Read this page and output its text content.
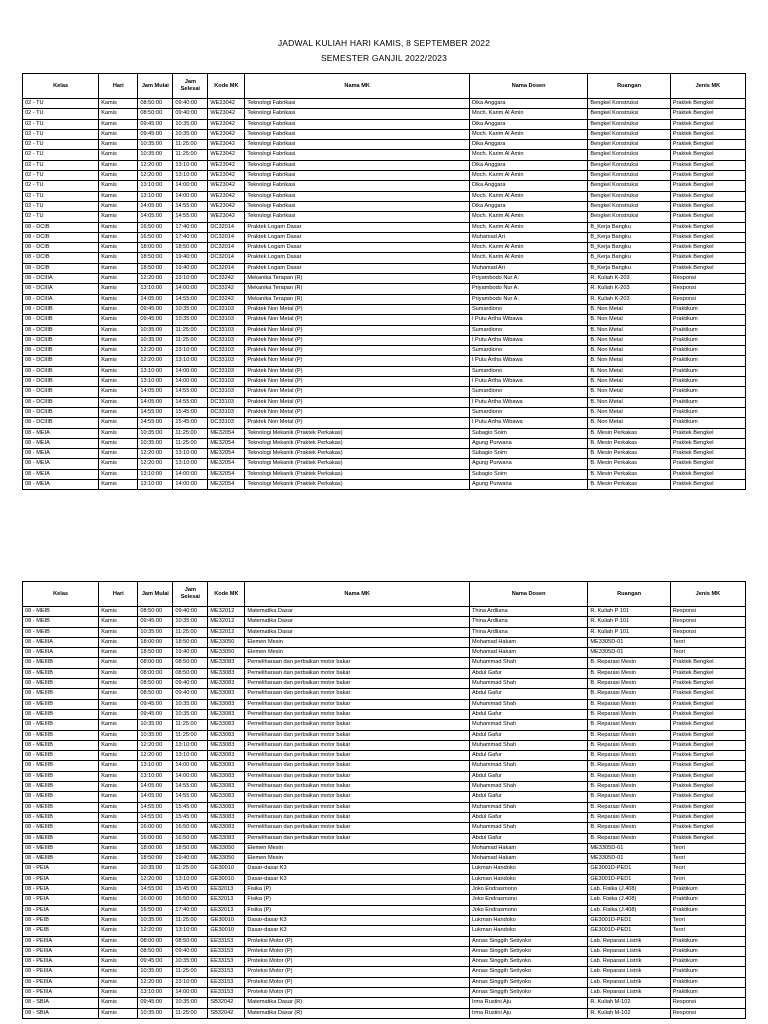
JADWAL KULIAH HARI KAMIS, 8 SEPTEMBER 2022
SEMESTER GANJIL 2022/2023
Kelas	Hari	Jam Mulai	Jam Selesai	Kode MK	Nama MK	Nama Dosen	Ruangan	Jenis MK
02 - TU	Kamis	08:50:00	09:40:00	WE23042	Teknologi Fabrikasi	Dika Anggara	Bengkel Konstruksi	Praktek Bengkel
02 - TU	Kamis	08:50:00	09:40:00	WE23042	Teknologi Fabrikasi	Moch. Karim Al Amin	Bengkel Konstruksi	Praktek Bengkel
02 - TU	Kamis	09:45:00	10:35:00	WE23042	Teknologi Fabrikasi	Dika Anggara	Bengkel Konstruksi	Praktek Bengkel
02 - TU	Kamis	09:45:00	10:35:00	WE23042	Teknologi Fabrikasi	Moch. Karim Al Amin	Bengkel Konstruksi	Praktek Bengkel
02 - TU	Kamis	10:35:00	11:25:00	WE23042	Teknologi Fabrikasi	Dika Anggara	Bengkel Konstruksi	Praktek Bengkel
02 - TU	Kamis	10:35:00	11:25:00	WE23042	Teknologi Fabrikasi	Moch. Karim Al Amin	Bengkel Konstruksi	Praktek Bengkel
02 - TU	Kamis	12:20:00	13:10:00	WE23042	Teknologi Fabrikasi	Dika Anggara	Bengkel Konstruksi	Praktek Bengkel
02 - TU	Kamis	12:20:00	13:10:00	WE23042	Teknologi Fabrikasi	Moch. Karim Al Amin	Bengkel Konstruksi	Praktek Bengkel
02 - TU	Kamis	13:10:00	14:00:00	WE23042	Teknologi Fabrikasi	Dika Anggara	Bengkel Konstruksi	Praktek Bengkel
02 - TU	Kamis	13:10:00	14:00:00	WE23042	Teknologi Fabrikasi	Moch. Karim Al Amin	Bengkel Konstruksi	Praktek Bengkel
02 - TU	Kamis	14:05:00	14:55:00	WE23042	Teknologi Fabrikasi	Dika Anggara	Bengkel Konstruksi	Praktek Bengkel
02 - TU	Kamis	14:05:00	14:55:00	WE23042	Teknologi Fabrikasi	Moch. Karim Al Amin	Bengkel Konstruksi	Praktek Bengkel
08 - DCIB	Kamis	16:50:00	17:40:00	DC32014	Praktek Logam Dasar	Moch. Karim Al Amin	B_Kerja Bangku	Praktek Bengkel
08 - DCIB	Kamis	16:50:00	17:40:00	DC32014	Praktek Logam Dasar	Muhamad Ari	B_Kerja Bangku	Praktek Bengkel
08 - DCIB	Kamis	18:00:00	18:50:00	DC32014	Praktek Logam Dasar	Moch. Karim Al Amin	B_Kerja Bangku	Praktek Bengkel
08 - DCIB	Kamis	18:50:00	19:40:00	DC32014	Praktek Logam Dasar	Moch. Karim Al Amin	B_Kerja Bangku	Praktek Bengkel
08 - DCIB	Kamis	18:50:00	19:40:00	DC32014	Praktek Logam Dasar	Muhamad Ari	B_Kerja Bangku	Praktek Bengkel
08 - DCIIIA	Kamis	12:20:00	13:10:00	DC33242	Mekanika Terapan (R)	Priyambodo Nur A.	R. Kuliah K-203	Responsi
08 - DCIIIA	Kamis	13:10:00	14:00:00	DC33242	Mekanika Terapan (R)	Priyambodo Nur A.	R. Kuliah K-203	Responsi
08 - DCIIIA	Kamis	14:05:00	14:55:00	DC33242	Mekanika Terapan (R)	Priyambodo Nur A.	R. Kuliah K-203	Responsi
08 - DCIIIB	Kamis	09:45:00	10:35:00	DC33103	Praktek Non Metal (P)	Sumardiono	B. Non Metal	Praktikum
08 - DCIIIB	Kamis	09:45:00	10:35:00	DC33103	Praktek Non Metal (P)	I Putu Artha Wibawa	B. Non Metal	Praktikum
08 - DCIIIB	Kamis	10:35:00	11:25:00	DC33103	Praktek Non Metal (P)	Sumardiono	B. Non Metal	Praktikum
08 - DCIIIB	Kamis	10:35:00	11:25:00	DC33103	Praktek Non Metal (P)	I Putu Artha Wibawa	B. Non Metal	Praktikum
08 - DCIIIB	Kamis	12:20:00	13:10:00	DC33103	Praktek Non Metal (P)	Sumardiono	B. Non Metal	Praktikum
08 - DCIIIB	Kamis	12:20:00	13:10:00	DC33103	Praktek Non Metal (P)	I Putu Artha Wibawa	B. Non Metal	Praktikum
08 - DCIIIB	Kamis	13:10:00	14:00:00	DC33103	Praktek Non Metal (P)	Sumardiono	B. Non Metal	Praktikum
08 - DCIIIB	Kamis	13:10:00	14:00:00	DC33103	Praktek Non Metal (P)	I Putu Artha Wibawa	B. Non Metal	Praktikum
08 - DCIIIB	Kamis	14:05:00	14:55:00	DC33103	Praktek Non Metal (P)	Sumardiono	B. Non Metal	Praktikum
08 - DCIIIB	Kamis	14:05:00	14:55:00	DC33103	Praktek Non Metal (P)	I Putu Artha Wibawa	B. Non Metal	Praktikum
08 - DCIIIB	Kamis	14:55:00	15:45:00	DC33103	Praktek Non Metal (P)	Sumardiono	B. Non Metal	Praktikum
08 - DCIIIB	Kamis	14:55:00	15:45:00	DC33103	Praktek Non Metal (P)	I Putu Artha Wibawa	B. Non Metal	Praktikum
08 - MEIA	Kamis	10:35:00	11:25:00	ME32054	Teknologi Mekanik (Praktek Perkakas)	Subagio Soim	B. Mesin Perkakas	Praktek Bengkel
08 - MEIA	Kamis	10:35:00	11:25:00	ME32054	Teknologi Mekanik (Praktek Perkakas)	Agung Purwana	B. Mesin Perkakas	Praktek Bengkel
08 - MEIA	Kamis	12:20:00	13:10:00	ME32054	Teknologi Mekanik (Praktek Perkakas)	Subagio Soim	B. Mesin Perkakas	Praktek Bengkel
08 - MEIA	Kamis	12:20:00	13:10:00	ME32054	Teknologi Mekanik (Praktek Perkakas)	Agung Purwana	B. Mesin Perkakas	Praktek Bengkel
08 - MEIA	Kamis	13:10:00	14:00:00	ME32054	Teknologi Mekanik (Praktek Perkakas)	Subagio Soim	B. Mesin Perkakas	Praktek Bengkel
08 - MEIA	Kamis	13:10:00	14:00:00	ME32054	Teknologi Mekanik (Praktek Perkakas)	Agung Purwana	B. Mesin Perkakas	Praktek Bengkel
Kelas	Hari	Jam Mulai	Jam Selesai	Kode MK	Nama MK	Nama Dosen	Ruangan	Jenis MK
08 - MEIB	Kamis	08:50:00	09:40:00	ME32012	Matematika Dasar	Thina Ardliana	R. Kuliah P 101	Responsi
08 - MEIB	Kamis	09:45:00	10:35:00	ME32012	Matematika Dasar	Thina Ardliana	R. Kuliah P 101	Responsi
08 - MEIB	Kamis	10:35:00	11:25:00	ME32012	Matematika Dasar	Thina Ardliana	R. Kuliah P 101	Responsi
08 - MEIIIA	Kamis	18:00:00	18:50:00	ME33050	Elemen Mesin	Mohamad Hakam	ME3305D-01	Teori
08 - MEIIIA	Kamis	18:50:00	19:40:00	ME33050	Elemen Mesin	Mohamad Hakam	ME3305D-01	Teori
08 - MEIIIB	Kamis	08:00:00	08:50:00	ME33083	Pemeliharaan dan perbaikan motor bakar	Muhammad Shah	B. Reparasi Mesin	Praktek Bengkel
08 - MEIIIB	Kamis	08:00:00	08:50:00	ME33083	Pemeliharaan dan perbaikan motor bakar	Abdul Gafur	B. Reparasi Mesin	Praktek Bengkel
08 - MEIIIB	Kamis	08:50:00	09:40:00	ME33083	Pemeliharaan dan perbaikan motor bakar	Muhammad Shah	B. Reparasi Mesin	Praktek Bengkel
08 - MEIIIB	Kamis	08:50:00	09:40:00	ME33083	Pemeliharaan dan perbaikan motor bakar	Abdul Gafur	B. Reparasi Mesin	Praktek Bengkel
08 - MEIIIB	Kamis	09:45:00	10:35:00	ME33083	Pemeliharaan dan perbaikan motor bakar	Muhammad Shah	B. Reparasi Mesin	Praktek Bengkel
08 - MEIIIB	Kamis	09:45:00	10:35:00	ME33083	Pemeliharaan dan perbaikan motor bakar	Abdul Gafur	B. Reparasi Mesin	Praktek Bengkel
08 - MEIIIB	Kamis	10:35:00	11:25:00	ME33083	Pemeliharaan dan perbaikan motor bakar	Muhammad Shah	B. Reparasi Mesin	Praktek Bengkel
08 - MEIIIB	Kamis	10:35:00	11:25:00	ME33083	Pemeliharaan dan perbaikan motor bakar	Abdul Gafur	B. Reparasi Mesin	Praktek Bengkel
08 - MEIIIB	Kamis	12:20:00	13:10:00	ME33083	Pemeliharaan dan perbaikan motor bakar	Muhammad Shah	B. Reparasi Mesin	Praktek Bengkel
08 - MEIIIB	Kamis	12:20:00	13:10:00	ME33083	Pemeliharaan dan perbaikan motor bakar	Abdul Gafur	B. Reparasi Mesin	Praktek Bengkel
08 - MEIIIB	Kamis	13:10:00	14:00:00	ME33083	Pemeliharaan dan perbaikan motor bakar	Muhammad Shah	B. Reparasi Mesin	Praktek Bengkel
08 - MEIIIB	Kamis	13:10:00	14:00:00	ME33083	Pemeliharaan dan perbaikan motor bakar	Abdul Gafur	B. Reparasi Mesin	Praktek Bengkel
08 - MEIIIB	Kamis	14:05:00	14:55:00	ME33083	Pemeliharaan dan perbaikan motor bakar	Muhammad Shah	B. Reparasi Mesin	Praktek Bengkel
08 - MEIIIB	Kamis	14:05:00	14:55:00	ME33083	Pemeliharaan dan perbaikan motor bakar	Abdul Gafur	B. Reparasi Mesin	Praktek Bengkel
08 - MEIIIB	Kamis	14:55:00	15:45:00	ME33083	Pemeliharaan dan perbaikan motor bakar	Muhammad Shah	B. Reparasi Mesin	Praktek Bengkel
08 - MEIIIB	Kamis	14:55:00	15:45:00	ME33083	Pemeliharaan dan perbaikan motor bakar	Abdul Gafur	B. Reparasi Mesin	Praktek Bengkel
08 - MEIIIB	Kamis	16:00:00	16:50:00	ME33083	Pemeliharaan dan perbaikan motor bakar	Muhammad Shah	B. Reparasi Mesin	Praktek Bengkel
08 - MEIIIB	Kamis	16:00:00	16:50:00	ME33083	Pemeliharaan dan perbaikan motor bakar	Abdul Gafur	B. Reparasi Mesin	Praktek Bengkel
08 - MEIIIB	Kamis	18:00:00	18:50:00	ME33050	Elemen Mesin	Mohamad Hakam	ME3305D-01	Teori
08 - MEIIIB	Kamis	18:50:00	19:40:00	ME33050	Elemen Mesin	Mohamad Hakam	ME3305D-01	Teori
08 - PEIA	Kamis	10:35:00	11:25:00	GE30010	Dasar-dasar K3	Lukman Handoko	GE3001D-PED1	Teori
08 - PEIA	Kamis	12:20:00	13:10:00	GE30010	Dasar-dasar K3	Lukman Handoko	GE3001D-PED1	Teori
08 - PEIA	Kamis	14:55:00	15:45:00	EE32013	Fisika (P)	Joko Endrasmono	Lab. Fisika (J.408)	Praktikum
08 - PEIA	Kamis	16:00:00	16:50:00	EE32013	Fisika (P)	Joko Endrasmono	Lab. Fisika (J.408)	Praktikum
08 - PEIA	Kamis	16:50:00	17:40:00	EE32013	Fisika (P)	Joko Endrasmono	Lab. Fisika (J.408)	Praktikum
08 - PEIB	Kamis	10:35:00	11:25:00	GE30010	Dasar-dasar K3	Lukman Handoko	GE3001D-PED1	Teori
08 - PEIB	Kamis	12:20:00	13:10:00	GE30010	Dasar-dasar K3	Lukman Handoko	GE3001D-PED1	Teori
08 - PEIIIA	Kamis	08:00:00	08:50:00	EE33153	Proteksi Motor (P)	Annas Singgih Setiyoko	Lab. Reparasi Listrik	Praktikum
08 - PEIIIA	Kamis	08:50:00	09:40:00	EE33153	Proteksi Motor (P)	Annas Singgih Setiyoko	Lab. Reparasi Listrik	Praktikum
08 - PEIIIA	Kamis	09:45:00	10:35:00	EE33153	Proteksi Motor (P)	Annas Singgih Setiyoko	Lab. Reparasi Listrik	Praktikum
08 - PEIIIA	Kamis	10:35:00	11:25:00	EE33153	Proteksi Motor (P)	Annas Singgih Setiyoko	Lab. Reparasi Listrik	Praktikum
08 - PEIIIA	Kamis	12:20:00	13:10:00	EE33153	Proteksi Motor (P)	Annas Singgih Setiyoko	Lab. Reparasi Listrik	Praktikum
08 - PEIIIA	Kamis	13:10:00	14:00:00	EE33153	Proteksi Motor (P)	Annas Singgih Setiyoko	Lab. Reparasi Listrik	Praktikum
08 - SBIA	Kamis	09:45:00	10:35:00	SB32042	Matematika Dasar (R)	Irma Rustini Aju	R. Kuliah M-102	Responsi
08 - SBIA	Kamis	10:35:00	11:25:00	SB32042	Matematika Dasar (R)	Irma Rustini Aju	R. Kuliah M-102	Responsi
